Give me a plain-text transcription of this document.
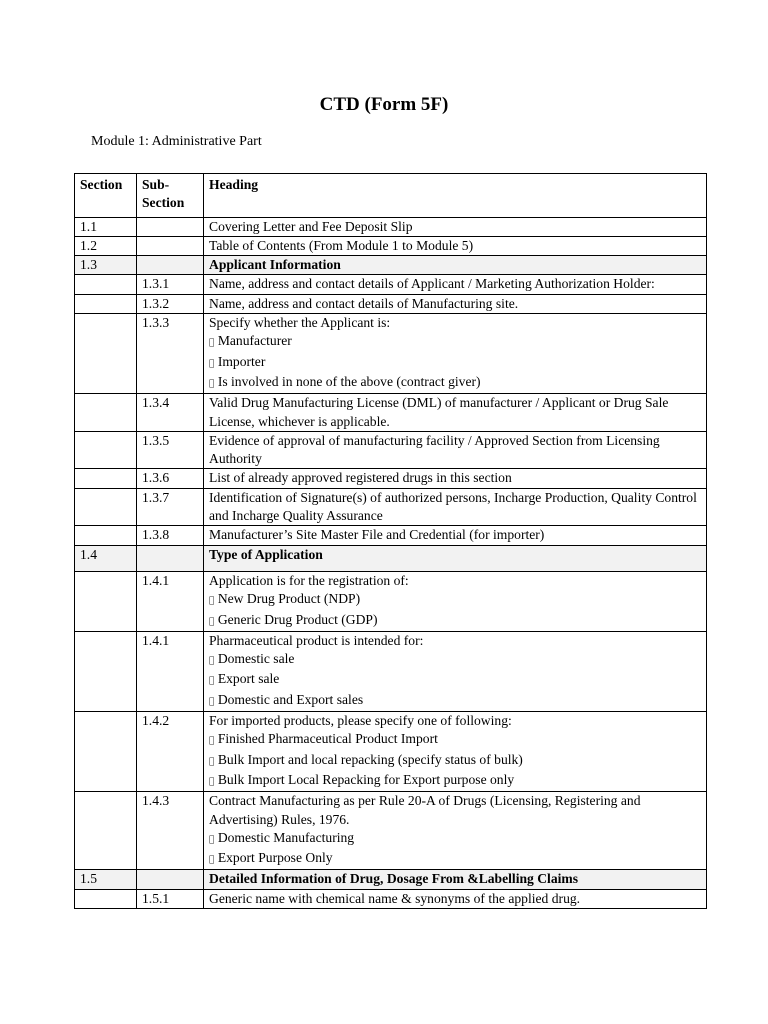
CTD (Form 5F)
Module 1: Administrative Part
Section	Sub-Section	Heading
1.1		Covering Letter and Fee Deposit Slip

1.2		Table of Contents (From Module 1 to Module 5)

1.3		Applicant Information

	1.3.1	Name, address and contact details of Applicant / Marketing Authorization Holder:

	1.3.2	Name, address and contact details of Manufacturing site.

	1.3.3	Specify whether the Applicant is:
Manufacturer
Importer
Is involved in none of the above (contract giver)

	1.3.4	Valid Drug Manufacturing License (DML) of manufacturer / Applicant or Drug Sale License, whichever is applicable.

	1.3.5	Evidence of approval of manufacturing facility / Approved Section from Licensing Authority

	1.3.6	List of already approved registered drugs in this section

	1.3.7	Identification of Signature(s) of authorized persons, Incharge Production, Quality Control and Incharge Quality Assurance

	1.3.8	Manufacturer’s Site Master File and Credential (for importer)

1.4		Type of Application

	1.4.1	Application is for the registration of:
New Drug Product (NDP)
Generic Drug Product (GDP)

	1.4.1	Pharmaceutical product is intended for:
Domestic sale
Export sale
Domestic and Export sales

	1.4.2	For imported products, please specify one of following:
Finished Pharmaceutical Product Import
Bulk Import and local repacking (specify status of bulk)
Bulk Import Local Repacking for Export purpose only

	1.4.3	Contract Manufacturing as per Rule 20-A of Drugs (Licensing, Registering and Advertising) Rules, 1976.
Domestic Manufacturing
Export Purpose Only

1.5		Detailed Information of Drug, Dosage From &Labelling Claims

	1.5.1	Generic name with chemical name & synonyms of the applied drug.
